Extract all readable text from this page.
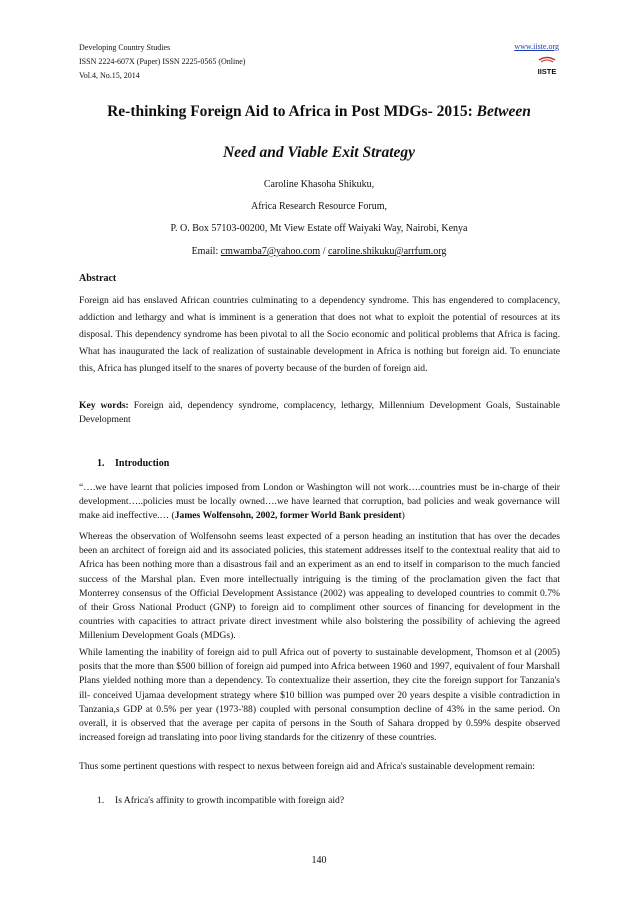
Developing Country Studies
ISSN 2224-607X (Paper) ISSN 2225-0565 (Online)
Vol.4, No.15, 2014
www.iiste.org
IISTE
Re-thinking Foreign Aid to Africa in Post MDGs- 2015: Between
Need and Viable Exit Strategy
Caroline Khasoha Shikuku,
Africa Research Resource Forum,
P. O. Box 57103-00200, Mt View Estate off Waiyaki Way, Nairobi, Kenya
Email: cmwamba7@yahoo.com / caroline.shikuku@arrfum.org
Abstract
Foreign aid has enslaved African countries culminating to a dependency syndrome. This has engendered to complacency, addiction and lethargy and what is imminent is a generation that does not what to exploit the potential of resources at its disposal. This dependency syndrome has been pivotal to all the Socio economic and political problems that Africa is facing. What has inaugurated the lack of realization of sustainable development in Africa is nothing but foreign aid. To enunciate this, Africa has plunged itself to the snares of poverty because of the burden of foreign aid.
Key words: Foreign aid, dependency syndrome, complacency, lethargy, Millennium Development Goals, Sustainable Development
1. Introduction
“….we have learnt that policies imposed from London or Washington will not work….countries must be in-charge of their development…..policies must be locally owned….we have learned that corruption, bad policies and weak governance will make aid ineffective.… (James Wolfensohn, 2002, former World Bank president)
Whereas the observation of Wolfensohn seems least expected of a person heading an institution that has over the decades been an architect of foreign aid and its associated policies, this statement addresses itself to the contextual reality that aid to Africa has been nothing more than a disastrous fail and an experiment as an end to itself in comparison to the much fancied success of the Marshal plan. Even more intellectually intriguing is the timing of the proclamation given the fact that Monterrey consensus of the Official Development Assistance (2002) was appealing to developed countries to commit 0.7% of their Gross National Product (GNP) to foreign aid to compliment other sources of financing for development in the countries with capacities to attract private direct investment while also bolstering the possibility of achieving the agreed Millenium Development Goals (MDGs).
While lamenting the inability of foreign aid to pull Africa out of poverty to sustainable development, Thomson et al (2005) posits that the more than $500 billion of foreign aid pumped into Africa between 1960 and 1997, equivalent of four Marshall Plans yielded nothing more than a dependency. To contextualize their assertion, they cite the foreign support for Tanzania's ill- conceived Ujamaa development strategy where $10 billion was pumped over 20 years despite a visible contradiction in Tanzania,s GDP at 0.5% per year (1973-'88) coupled with personal consumption decline of 43% in the same period. On overall, it is observed that the average per capita of persons in the South of Sahara dropped by 0.59% despite observed increased foreign ad translating into poor living standards for the citizenry of these countries.
Thus some pertinent questions with respect to nexus between foreign aid and Africa's sustainable development remain:
1. Is Africa's affinity to growth incompatible with foreign aid?
140
